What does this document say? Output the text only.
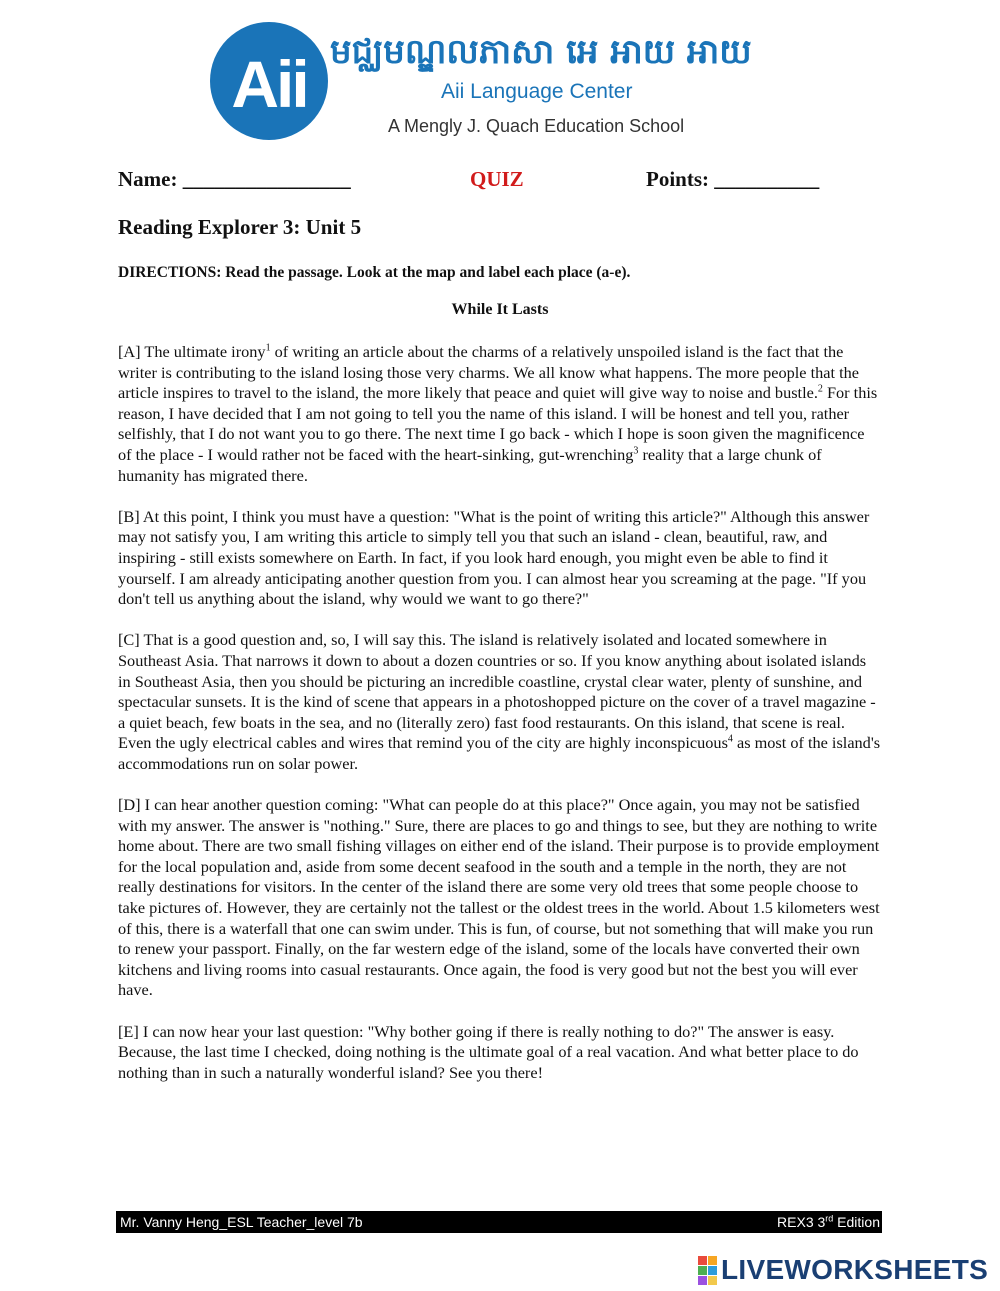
Aii មជ្ឈមណ្ឌលភាសា អេ អាយ អាយ
Aii Language Center
A Mengly J. Quach Education School
Name: ________________	QUIZ	Points: __________
Reading Explorer 3: Unit 5
DIRECTIONS: Read the passage. Look at the map and label each place (a-e).
While It Lasts

[A] The ultimate irony$^1$ of writing an article about the charms of a relatively unspoiled island is the fact that the writer is contributing to the island losing those very charms. We all know what happens. The more people that the article inspires to travel to the island, the more likely that peace and quiet will give way to noise and bustle.$^2$ For this reason, I have decided that I am not going to tell you the name of this island. I will be honest and tell you, rather selfishly, that I do not want you to go there. The next time I go back - which I hope is soon given the magnificence of the place - I would rather not be faced with the heart-sinking, gut-wrenching$^3$ reality that a large chunk of humanity has migrated there.

[B] At this point, I think you must have a question: "What is the point of writing this article?" Although this answer may not satisfy you, I am writing this article to simply tell you that such an island - clean, beautiful, raw, and inspiring - still exists somewhere on Earth. In fact, if you look hard enough, you might even be able to find it yourself. I am already anticipating another question from you. I can almost hear you screaming at the page. "If you don't tell us anything about the island, why would we want to go there?"

[C] That is a good question and, so, I will say this. The island is relatively isolated and located somewhere in Southeast Asia. That narrows it down to about a dozen countries or so. If you know anything about isolated islands in Southeast Asia, then you should be picturing an incredible coastline, crystal clear water, plenty of sunshine, and spectacular sunsets. It is the kind of scene that appears in a photoshopped picture on the cover of a travel magazine - a quiet beach, few boats in the sea, and no (literally zero) fast food restaurants. On this island, that scene is real. Even the ugly electrical cables and wires that remind you of the city are highly inconspicuous$^4$ as most of the island's accommodations run on solar power.

[D] I can hear another question coming: "What can people do at this place?" Once again, you may not be satisfied with my answer. The answer is "nothing." Sure, there are places to go and things to see, but they are nothing to write home about. There are two small fishing villages on either end of the island. Their purpose is to provide employment for the local population and, aside from some decent seafood in the south and a temple in the north, they are not really destinations for visitors. In the center of the island there are some very old trees that some people choose to take pictures of. However, they are certainly not the tallest or the oldest trees in the world. About 1.5 kilometers west of this, there is a waterfall that one can swim under. This is fun, of course, but not something that will make you run to renew your passport. Finally, on the far western edge of the island, some of the locals have converted their own kitchens and living rooms into casual restaurants. Once again, the food is very good but not the best you will ever have.

[E] I can now hear your last question: "Why bother going if there is really nothing to do?" The answer is easy. Because, the last time I checked, doing nothing is the ultimate goal of a real vacation. And what better place to do nothing than in such a naturally wonderful island? See you there!

Mr. Vanny Heng_ESL Teacher_level 7b	REX3 3rd Edition
LIVEWORKSHEETS
